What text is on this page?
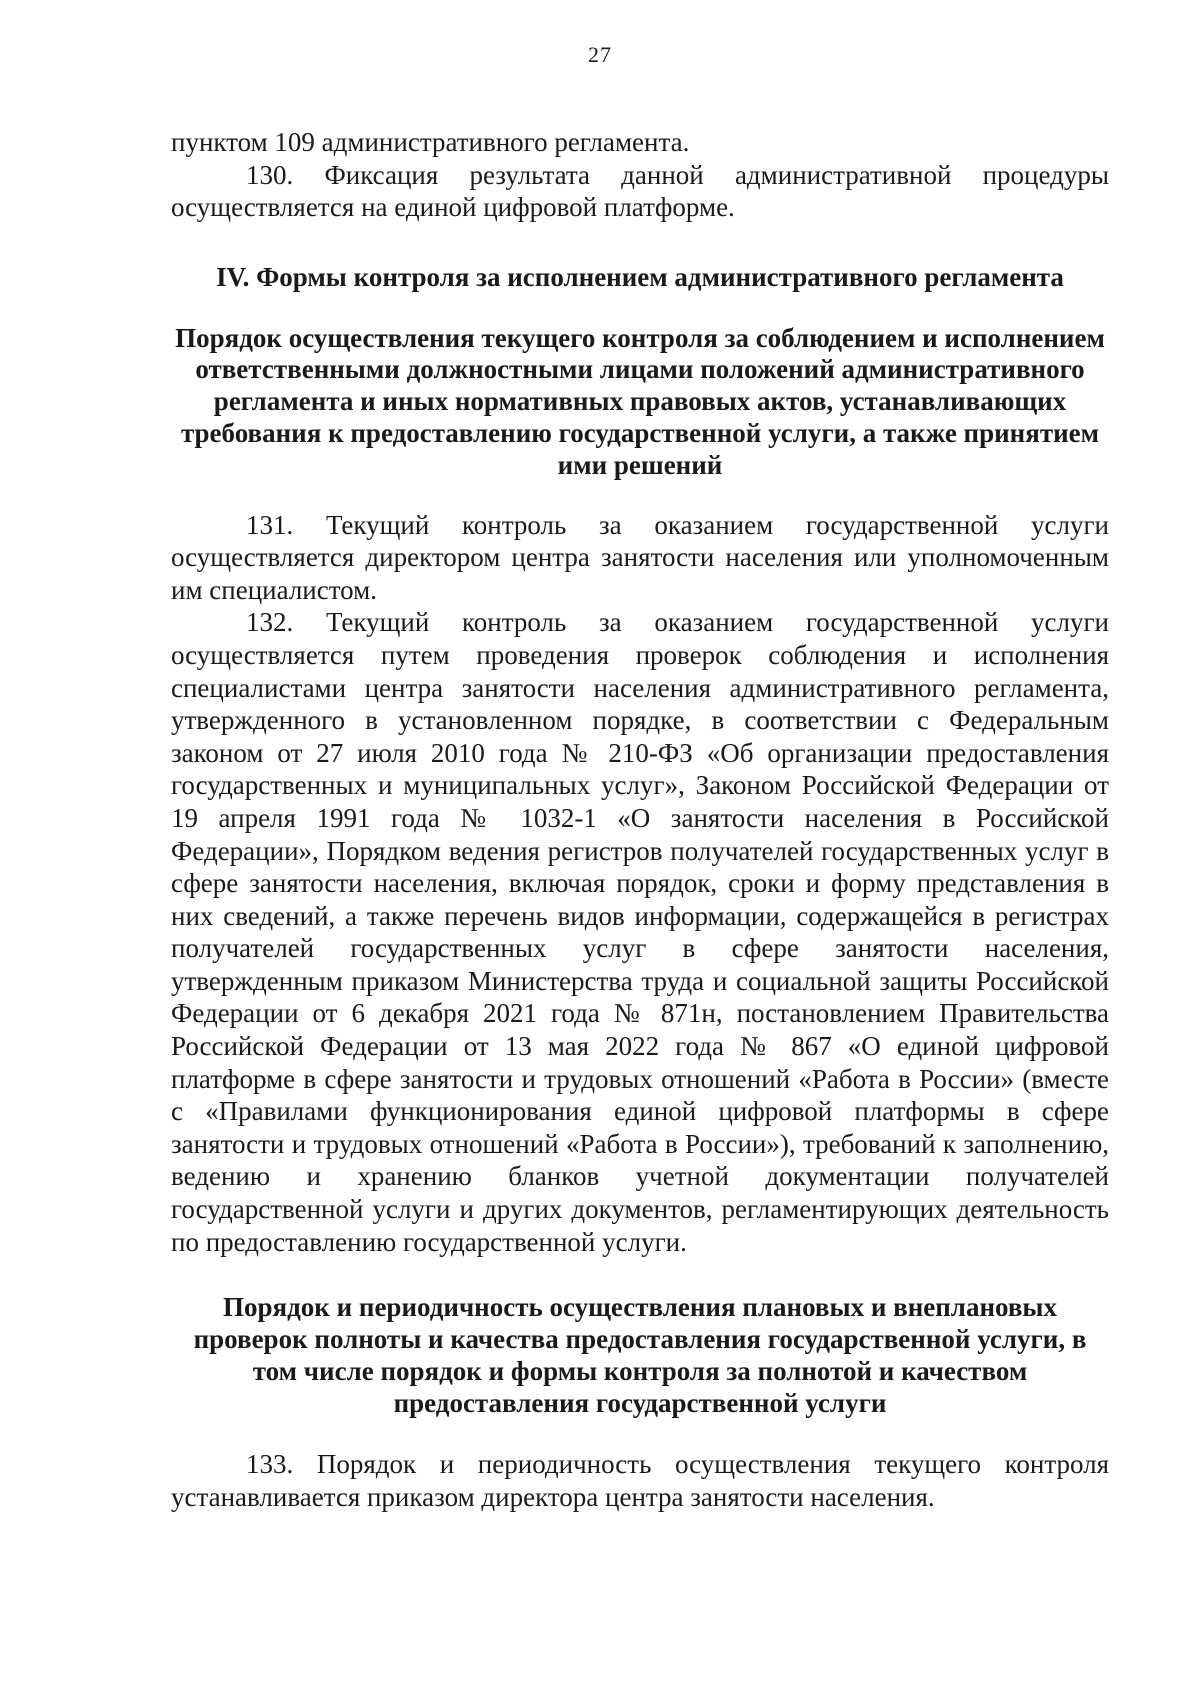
27

пунктом 109 административного регламента.

130. Фиксация результата данной административной процедуры осуществляется на единой цифровой платформе.

IV. Формы контроля за исполнением административного регламента
Порядок осуществления текущего контроля за соблюдением и исполнением ответственными должностными лицами положений административного регламента и иных нормативных правовых актов, устанавливающих требования к предоставлению государственной услуги, а также принятием ими решений

131. Текущий контроль за оказанием государственной услуги осуществляется директором центра занятости населения или уполномоченным им специалистом.

132. Текущий контроль за оказанием государственной услуги осуществляется путем проведения проверок соблюдения и исполнения специалистами центра занятости населения административного регламента, утвержденного в установленном порядке, в соответствии с Федеральным законом от 27 июля 2010 года № 210-ФЗ «Об организации предоставления государственных и муниципальных услуг», Законом Российской Федерации от 19 апреля 1991 года № 1032-1 «О занятости населения в Российской Федерации», Порядком ведения регистров получателей государственных услуг в сфере занятости населения, включая порядок, сроки и форму представления в них сведений, а также перечень видов информации, содержащейся в регистрах получателей государственных услуг в сфере занятости населения, утвержденным приказом Министерства труда и социальной защиты Российской Федерации от 6 декабря 2021 года № 871н, постановлением Правительства Российской Федерации от 13 мая 2022 года № 867 «О единой цифровой платформе в сфере занятости и трудовых отношений «Работа в России» (вместе с «Правилами функционирования единой цифровой платформы в сфере занятости и трудовых отношений «Работа в России»), требований к заполнению, ведению и хранению бланков учетной документации получателей государственной услуги и других документов, регламентирующих деятельность по предоставлению государственной услуги.

Порядок и периодичность осуществления плановых и внеплановых проверок полноты и качества предоставления государственной услуги, в том числе порядок и формы контроля за полнотой и качеством предоставления государственной услуги

133. Порядок и периодичность осуществления текущего контроля устанавливается приказом директора центра занятости населения.
